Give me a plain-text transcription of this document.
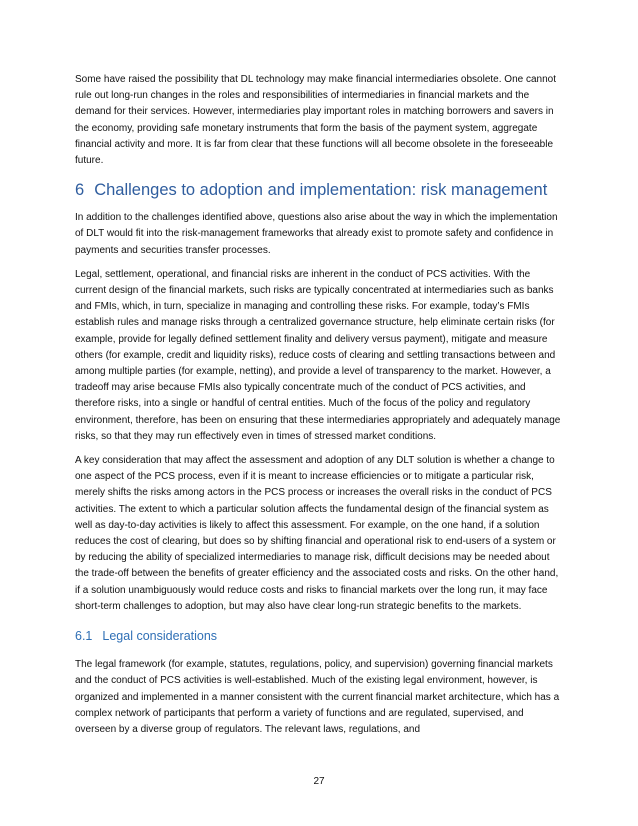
Some have raised the possibility that DL technology may make financial intermediaries obsolete. One cannot rule out long-run changes in the roles and responsibilities of intermediaries in financial markets and the demand for their services. However, intermediaries play important roles in matching borrowers and savers in the economy, providing safe monetary instruments that form the basis of the payment system, aggregate financial activity and more. It is far from clear that these functions will all become obsolete in the foreseeable future.

6 Challenges to adoption and implementation: risk management

In addition to the challenges identified above, questions also arise about the way in which the implementation of DLT would fit into the risk-management frameworks that already exist to promote safety and confidence in payments and securities transfer processes.

Legal, settlement, operational, and financial risks are inherent in the conduct of PCS activities. With the current design of the financial markets, such risks are typically concentrated at intermediaries such as banks and FMIs, which, in turn, specialize in managing and controlling these risks. For example, today’s FMIs establish rules and manage risks through a centralized governance structure, help eliminate certain risks (for example, provide for legally defined settlement finality and delivery versus payment), mitigate and measure others (for example, credit and liquidity risks), reduce costs of clearing and settling transactions between and among multiple parties (for example, netting), and provide a level of transparency to the market. However, a tradeoff may arise because FMIs also typically concentrate much of the conduct of PCS activities, and therefore risks, into a single or handful of central entities. Much of the focus of the policy and regulatory environment, therefore, has been on ensuring that these intermediaries appropriately and adequately manage risks, so that they may run effectively even in times of stressed market conditions.

A key consideration that may affect the assessment and adoption of any DLT solution is whether a change to one aspect of the PCS process, even if it is meant to increase efficiencies or to mitigate a particular risk, merely shifts the risks among actors in the PCS process or increases the overall risks in the conduct of PCS activities. The extent to which a particular solution affects the fundamental design of the financial system as well as day-to-day activities is likely to affect this assessment. For example, on the one hand, if a solution reduces the cost of clearing, but does so by shifting financial and operational risk to end-users of a system or by reducing the ability of specialized intermediaries to manage risk, difficult decisions may be needed about the trade-off between the benefits of greater efficiency and the associated costs and risks. On the other hand, if a solution unambiguously would reduce costs and risks to financial markets over the long run, it may face short-term challenges to adoption, but may also have clear long-run strategic benefits to the markets.

6.1 Legal considerations

The legal framework (for example, statutes, regulations, policy, and supervision) governing financial markets and the conduct of PCS activities is well-established. Much of the existing legal environment, however, is organized and implemented in a manner consistent with the current financial market architecture, which has a complex network of participants that perform a variety of functions and are regulated, supervised, and overseen by a diverse group of regulators. The relevant laws, regulations, and

27
